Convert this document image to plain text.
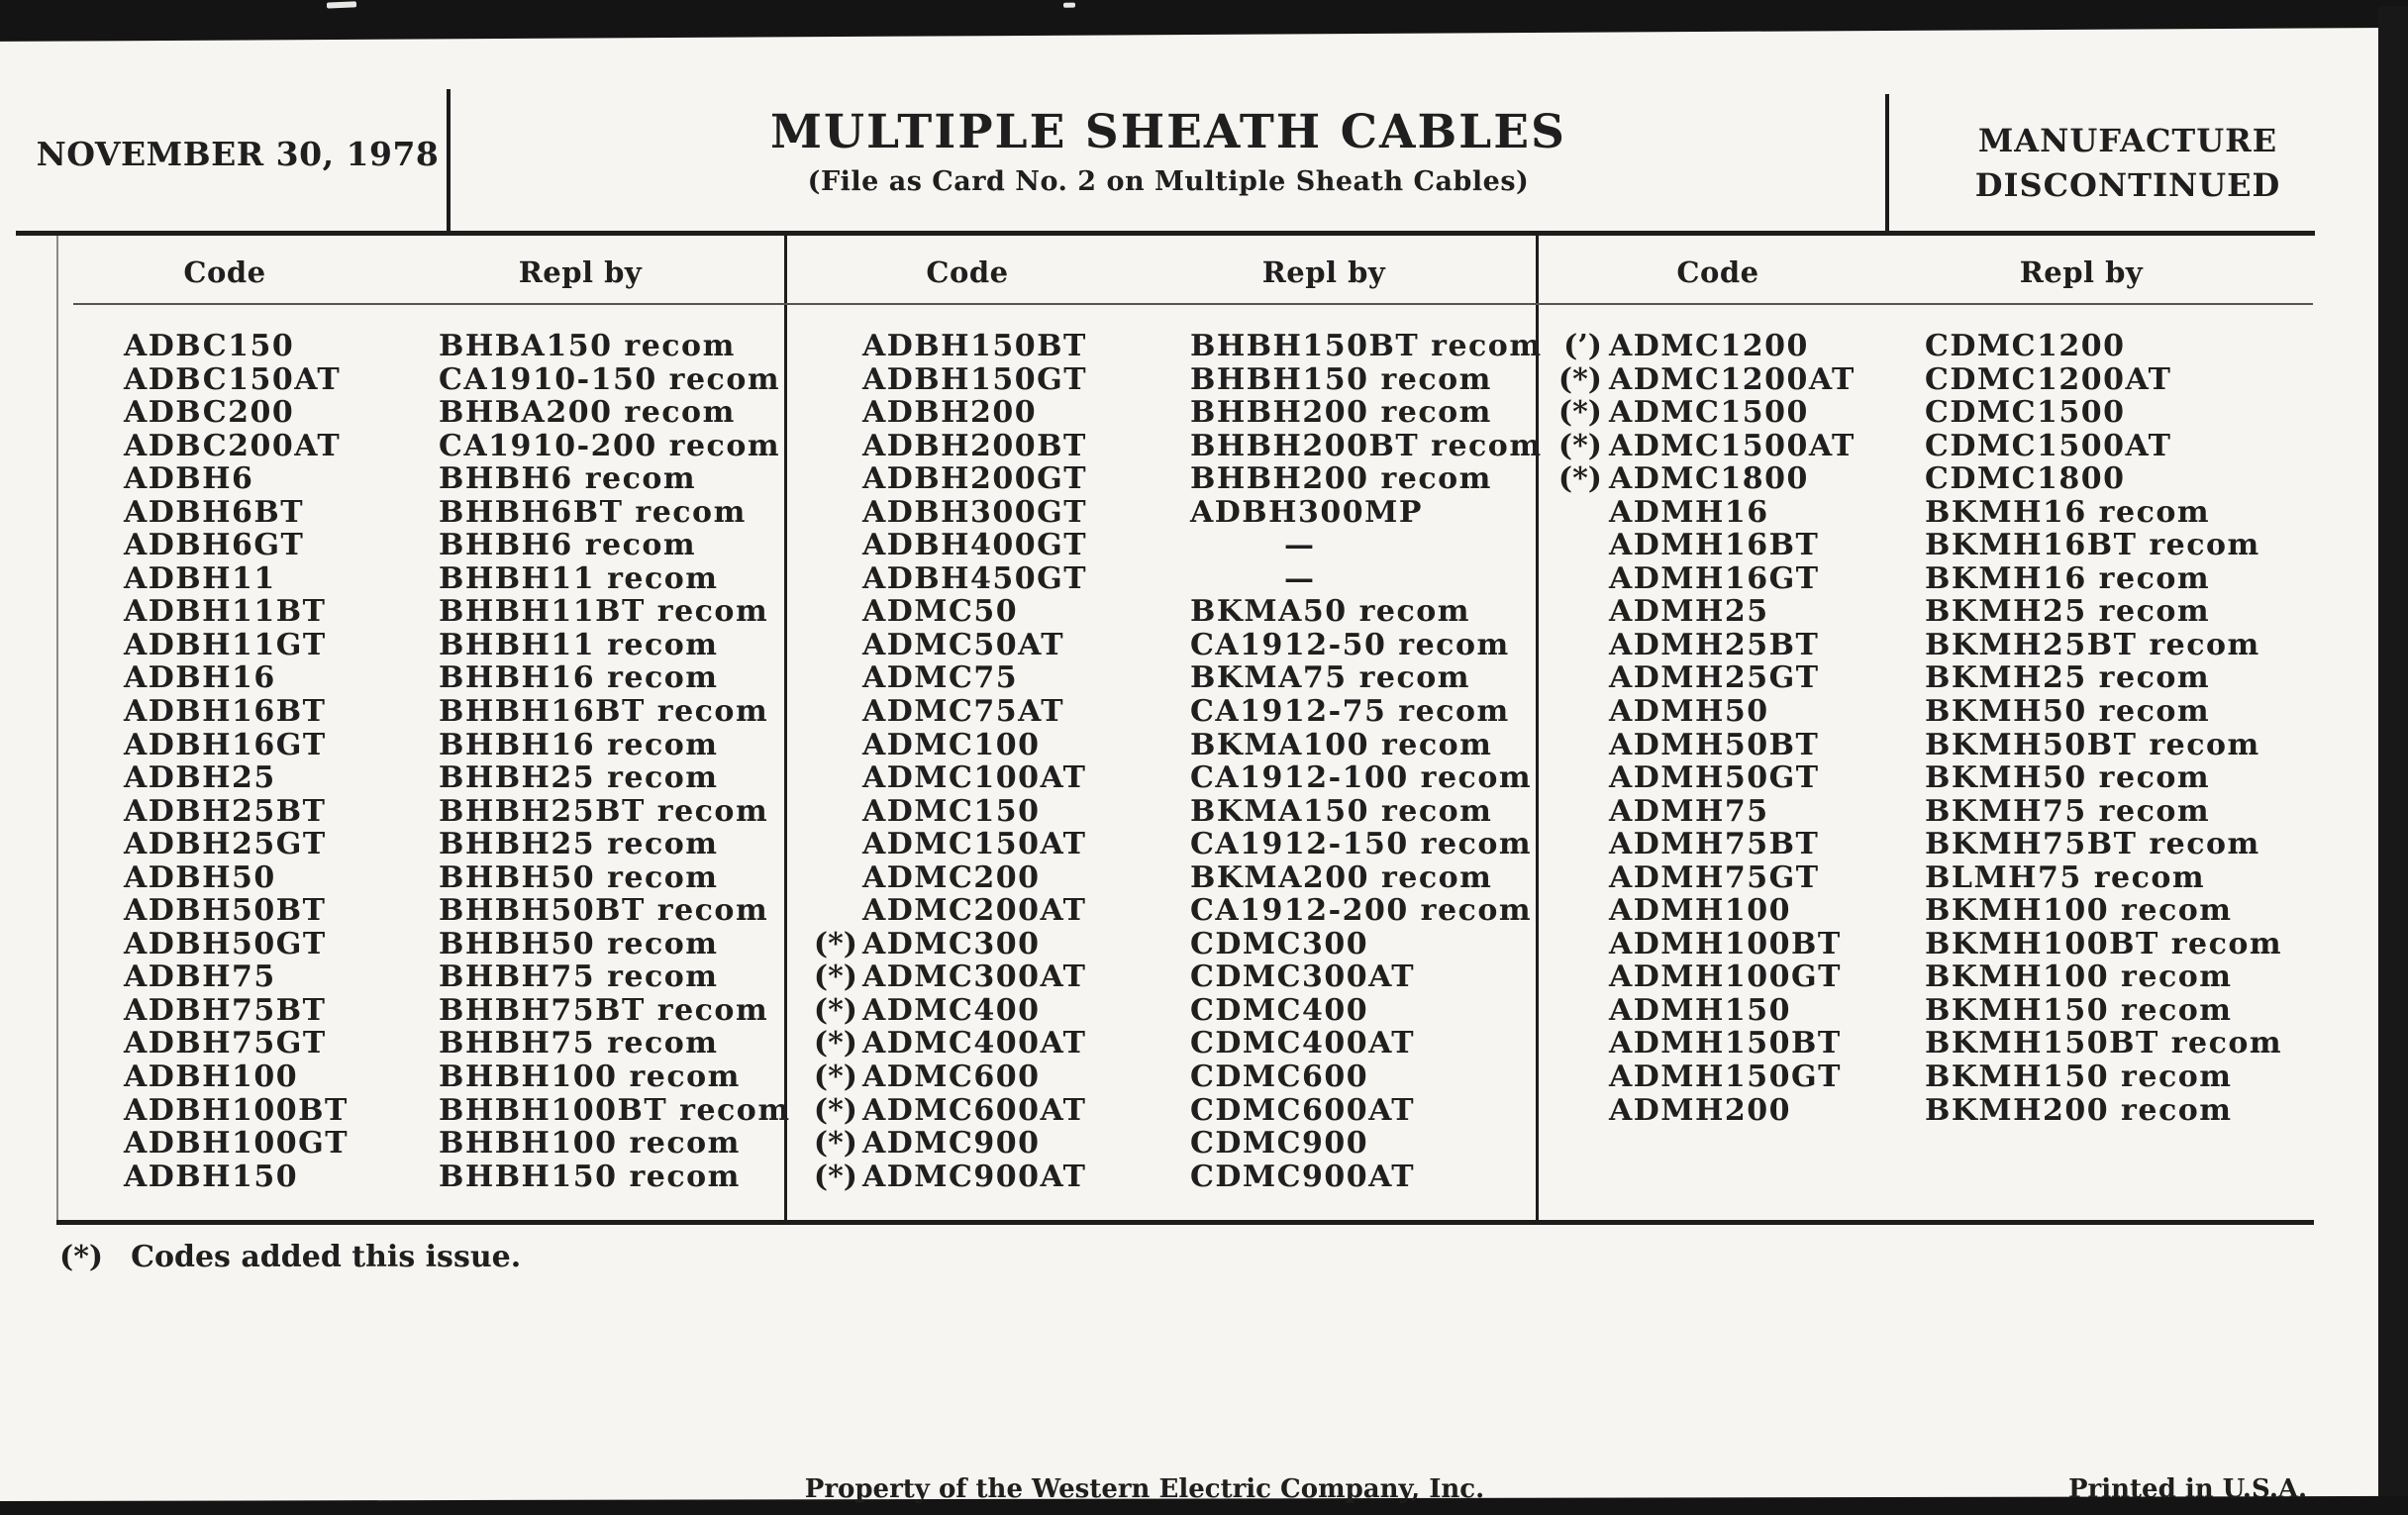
NOVEMBER 30, 1978	MULTIPLE SHEATH CABLES
(File as Card No. 2 on Multiple Sheath Cables)
MANUFACTURE
DISCONTINUED
Code	Repl by	Code	Repl by	Code	Repl by
ADBC150	BHBA150 recom
ADBC150AT	CA1910-150 recom
ADBC200	BHBA200 recom
ADBC200AT	CA1910-200 recom
ADBH6	BHBH6 recom
ADBH6BT	BHBH6BT recom
ADBH6GT	BHBH6 recom
ADBH11	BHBH11 recom
ADBH11BT	BHBH11BT recom
ADBH11GT	BHBH11 recom
ADBH16	BHBH16 recom
ADBH16BT	BHBH16BT recom
ADBH16GT	BHBH16 recom
ADBH25	BHBH25 recom
ADBH25BT	BHBH25BT recom
ADBH25GT	BHBH25 recom
ADBH50	BHBH50 recom
ADBH50BT	BHBH50BT recom
ADBH50GT	BHBH50 recom
ADBH75	BHBH75 recom
ADBH75BT	BHBH75BT recom
ADBH75GT	BHBH75 recom
ADBH100	BHBH100 recom
ADBH100BT	BHBH100BT recom
ADBH100GT	BHBH100 recom
ADBH150	BHBH150 recom
ADBH150BT	BHBH150BT recom
ADBH150GT	BHBH150 recom
ADBH200	BHBH200 recom
ADBH200BT	BHBH200BT recom
ADBH200GT	BHBH200 recom
ADBH300GT	ADBH300MP
ADBH400GT	—
ADBH450GT	—
ADMC50	BKMA50 recom
ADMC50AT	CA1912-50 recom
ADMC75	BKMA75 recom
ADMC75AT	CA1912-75 recom
ADMC100	BKMA100 recom
ADMC100AT	CA1912-100 recom
ADMC150	BKMA150 recom
ADMC150AT	CA1912-150 recom
ADMC200	BKMA200 recom
ADMC200AT	CA1912-200 recom
(*) ADMC300	CDMC300
(*) ADMC300AT	CDMC300AT
(*) ADMC400	CDMC400
(*) ADMC400AT	CDMC400AT
(*) ADMC600	CDMC600
(*) ADMC600AT	CDMC600AT
(*) ADMC900	CDMC900
(*) ADMC900AT	CDMC900AT
(’) ADMC1200	CDMC1200
(*) ADMC1200AT	CDMC1200AT
(*) ADMC1500	CDMC1500
(*) ADMC1500AT	CDMC1500AT
(*) ADMC1800	CDMC1800
ADMH16	BKMH16 recom
ADMH16BT	BKMH16BT recom
ADMH16GT	BKMH16 recom
ADMH25	BKMH25 recom
ADMH25BT	BKMH25BT recom
ADMH25GT	BKMH25 recom
ADMH50	BKMH50 recom
ADMH50BT	BKMH50BT recom
ADMH50GT	BKMH50 recom
ADMH75	BKMH75 recom
ADMH75BT	BKMH75BT recom
ADMH75GT	BLMH75 recom
ADMH100	BKMH100 recom
ADMH100BT	BKMH100BT recom
ADMH100GT	BKMH100 recom
ADMH150	BKMH150 recom
ADMH150BT	BKMH150BT recom
ADMH150GT	BKMH150 recom
ADMH200	BKMH200 recom
(*) Codes added this issue.
Property of the Western Electric Company, Inc.	Printed in U.S.A.
